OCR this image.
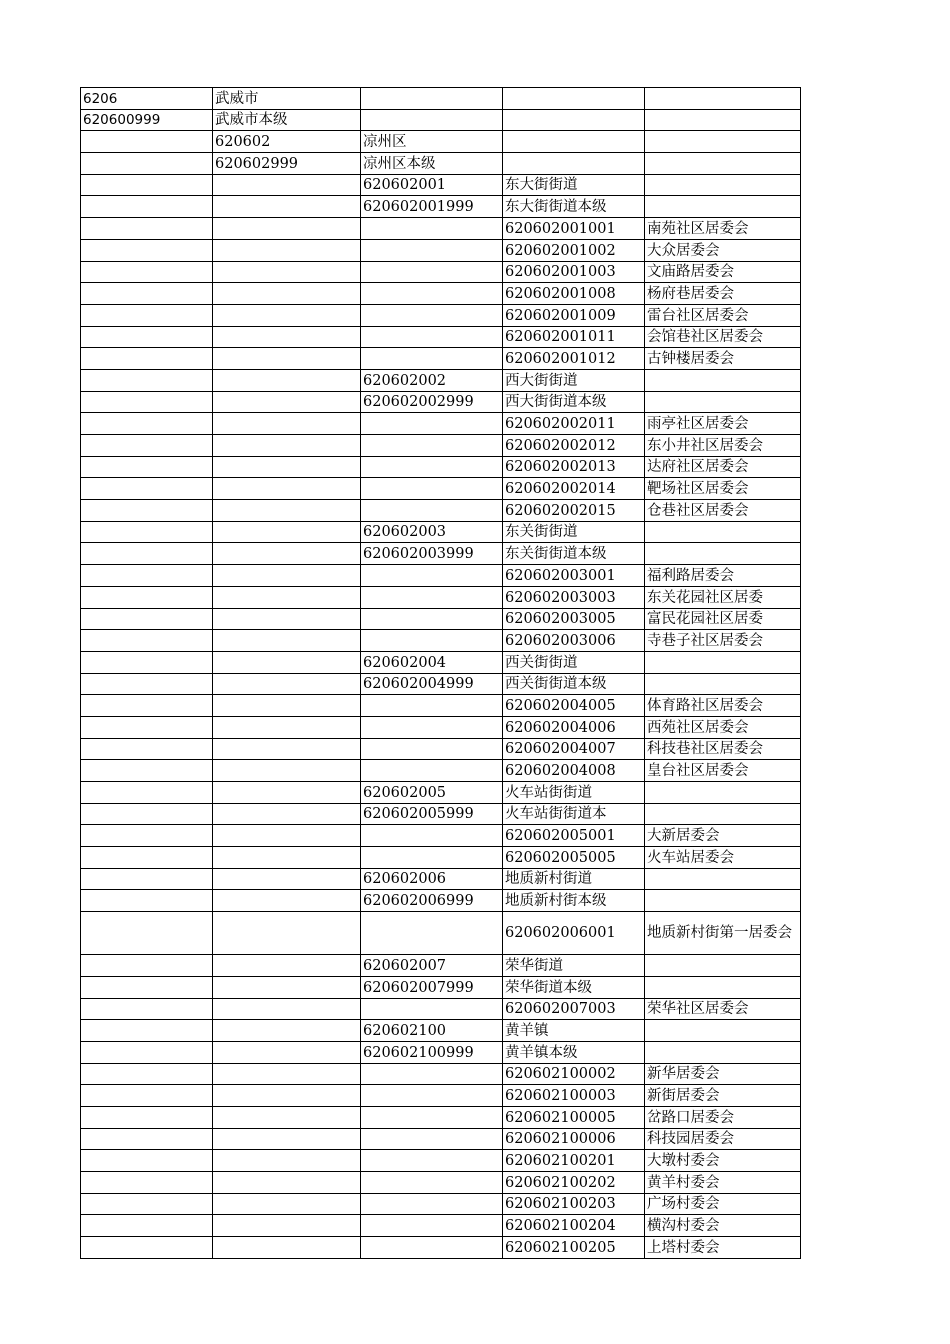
6206	武威市			
620600999	武威市本级			
	620602	凉州区		
	620602999	凉州区本级		
		620602001	东大街街道	
		620602001999	东大街街道本级	
			620602001001	南苑社区居委会
			620602001002	大众居委会
			620602001003	文庙路居委会
			620602001008	杨府巷居委会
			620602001009	雷台社区居委会
			620602001011	会馆巷社区居委会
			620602001012	古钟楼居委会
		620602002	西大街街道	
		620602002999	西大街街道本级	
			620602002011	雨亭社区居委会
			620602002012	东小井社区居委会
			620602002013	达府社区居委会
			620602002014	靶场社区居委会
			620602002015	仓巷社区居委会
		620602003	东关街街道	
		620602003999	东关街街道本级	
			620602003001	福利路居委会
			620602003003	东关花园社区居委
			620602003005	富民花园社区居委
			620602003006	寺巷子社区居委会
		620602004	西关街街道	
		620602004999	西关街街道本级	
			620602004005	体育路社区居委会
			620602004006	西苑社区居委会
			620602004007	科技巷社区居委会
			620602004008	皇台社区居委会
		620602005	火车站街街道	
		620602005999	火车站街街道本	
			620602005001	大新居委会
			620602005005	火车站居委会
		620602006	地质新村街道	
		620602006999	地质新村街本级	
			620602006001	地质新村街第一居委会
		620602007	荣华街道	
		620602007999	荣华街道本级	
			620602007003	荣华社区居委会
		620602100	黄羊镇	
		620602100999	黄羊镇本级	
			620602100002	新华居委会
			620602100003	新街居委会
			620602100005	岔路口居委会
			620602100006	科技园居委会
			620602100201	大墩村委会
			620602100202	黄羊村委会
			620602100203	广场村委会
			620602100204	横沟村委会
			620602100205	上塔村委会
